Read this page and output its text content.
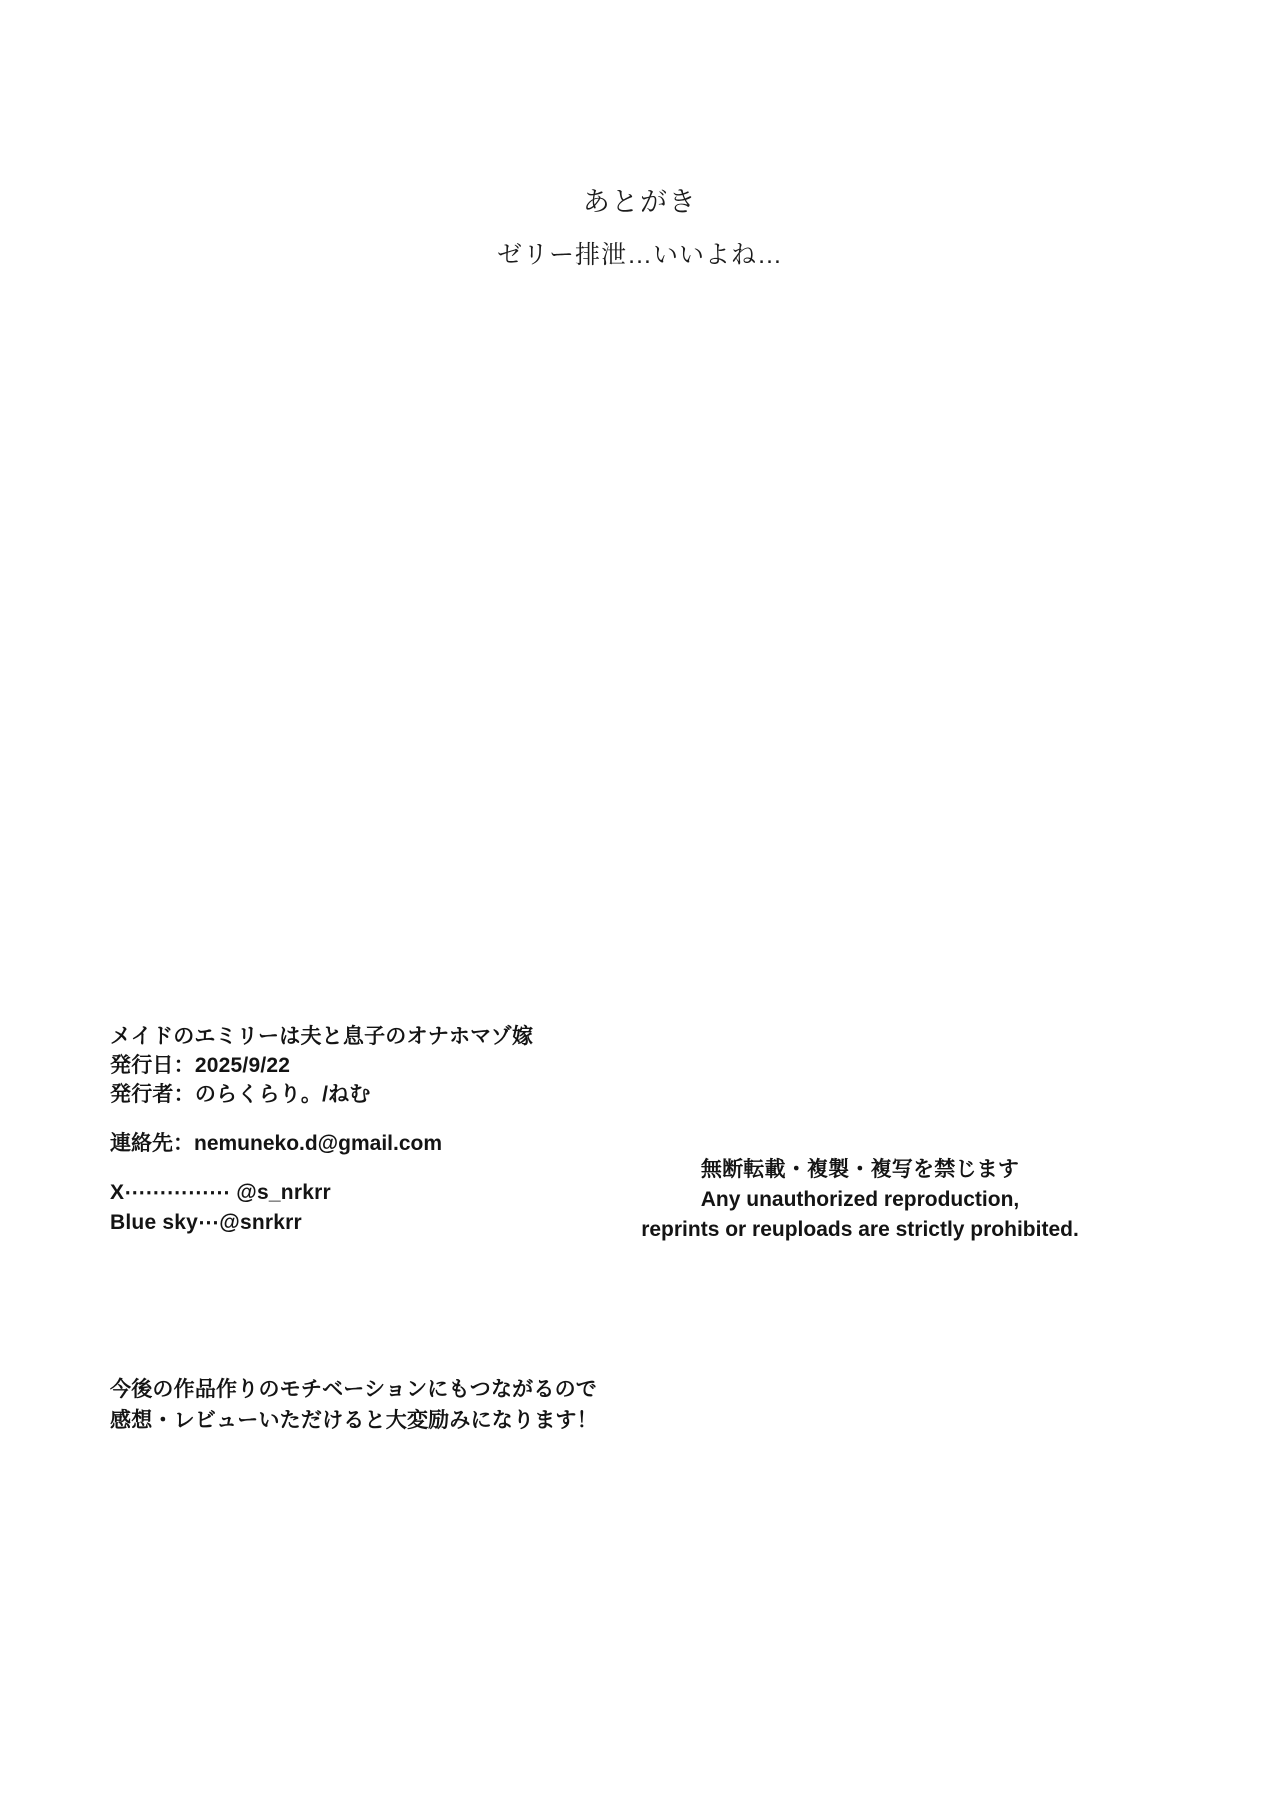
あとがき
ゼリー排泄…いいよね…
メイドのエミリーは夫と息子のオナホマゾ嫁
発行日：2025/9/22
発行者：のらくらり。/ねむ
連絡先：nemuneko.d@gmail.com
X⋯⋯⋯⋯⋯ @s_nrkrr
Blue sky⋯@snrkrr
無断転載・複製・複写を禁じます
Any unauthorized reproduction,
reprints or reuploads are strictly prohibited.
今後の作品作りのモチベーションにもつながるので
感想・レビューいただけると大変励みになります！
